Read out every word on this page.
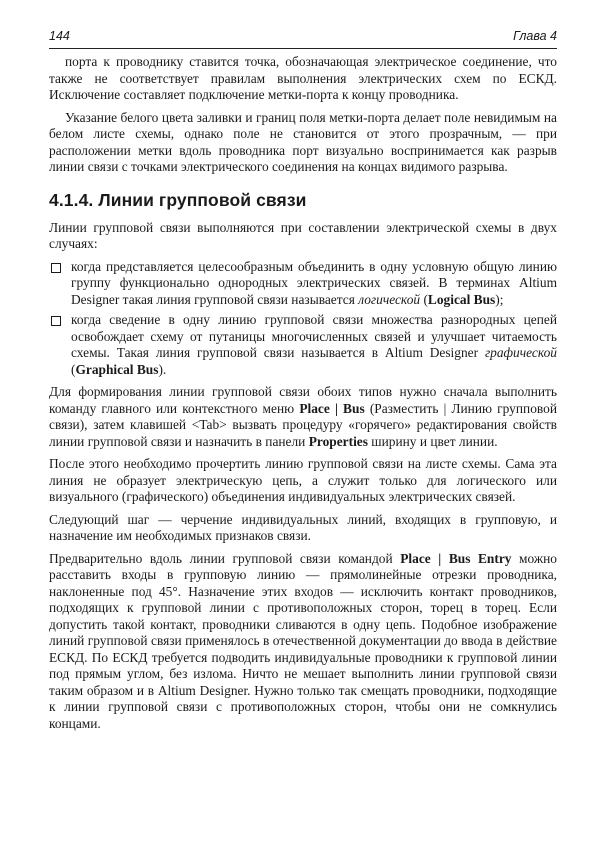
144	Глава 4

порта к проводнику ставится точка, обозначающая электрическое соединение, что также не соответствует правилам выполнения электрических схем по ЕСКД. Исключение составляет подключение метки-порта к концу проводника.

Указание белого цвета заливки и границ поля метки-порта делает поле невидимым на белом листе схемы, однако поле не становится от этого прозрачным, — при расположении метки вдоль проводника порт визуально воспринимается как разрыв линии связи с точками электрического соединения на концах видимого разрыва.

4.1.4. Линии групповой связи

Линии групповой связи выполняются при составлении электрической схемы в двух случаях:

когда представляется целесообразным объединить в одну условную общую линию группу функционально однородных электрических связей. В терминах Altium Designer такая линия групповой связи называется логической (Logical Bus);
когда сведение в одну линию групповой связи множества разнородных цепей освобождает схему от путаницы многочисленных связей и улучшает читаемость схемы. Такая линия групповой связи называется в Altium Designer графической (Graphical Bus).

Для формирования линии групповой связи обоих типов нужно сначала выполнить команду главного или контекстного меню Place | Bus (Разместить | Линию групповой связи), затем клавишей <Tab> вызвать процедуру «горячего» редактирования свойств линии групповой связи и назначить в панели Properties ширину и цвет линии.

После этого необходимо прочертить линию групповой связи на листе схемы. Сама эта линия не образует электрическую цепь, а служит только для логического или визуального (графического) объединения индивидуальных электрических связей.

Следующий шаг — черчение индивидуальных линий, входящих в групповую, и назначение им необходимых признаков связи.

Предварительно вдоль линии групповой связи командой Place | Bus Entry можно расставить входы в групповую линию — прямолинейные отрезки проводника, наклоненные под 45°. Назначение этих входов — исключить контакт проводников, подходящих к групповой линии с противоположных сторон, торец в торец. Если допустить такой контакт, проводники сливаются в одну цепь. Подобное изображение линий групповой связи применялось в отечественной документации до ввода в действие ЕСКД. По ЕСКД требуется подводить индивидуальные проводники к групповой линии под прямым углом, без излома. Ничто не мешает выполнить линии групповой связи таким образом и в Altium Designer. Нужно только так смещать проводники, подходящие к линии групповой связи с противоположных сторон, чтобы они не сомкнулись концами.
